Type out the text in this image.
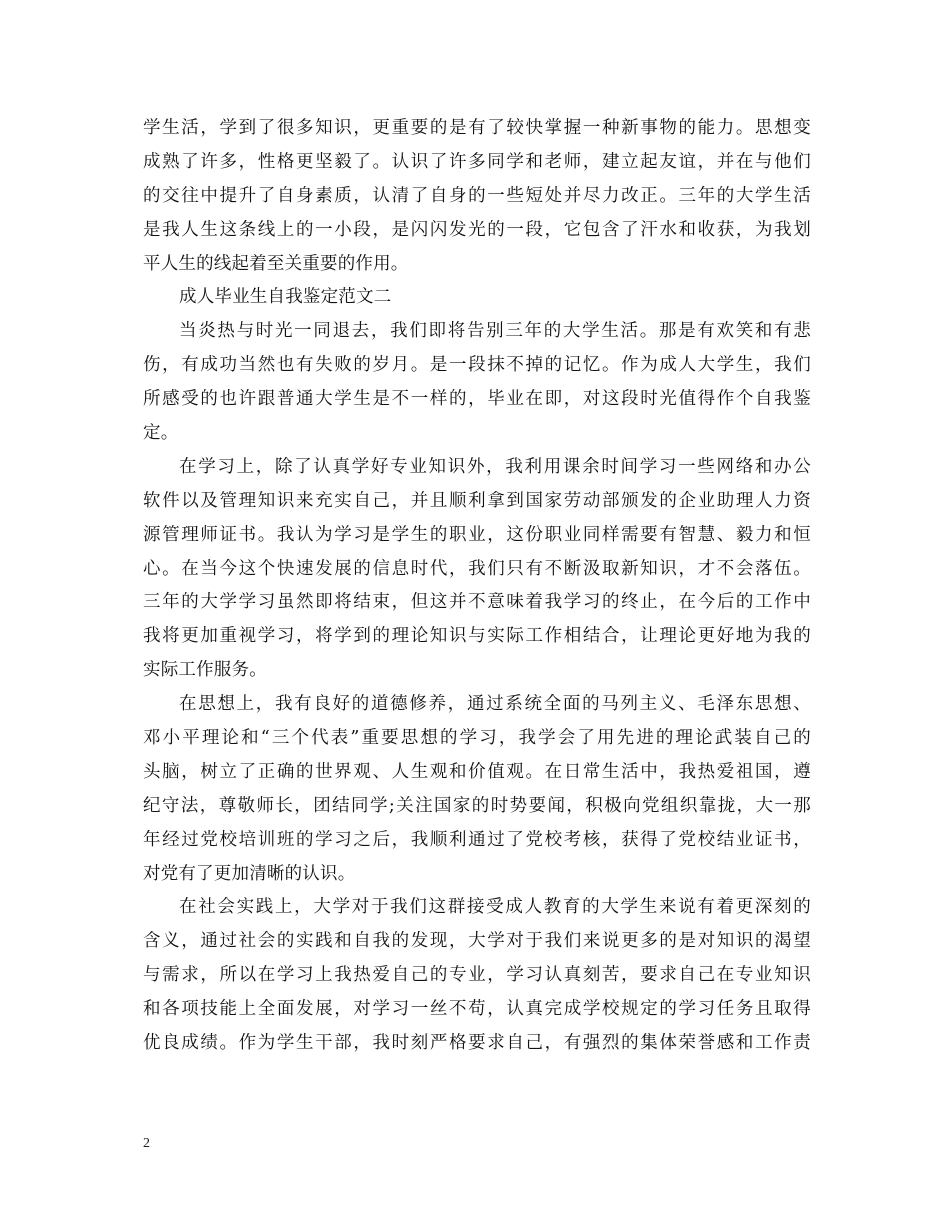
学生活，学到了很多知识，更重要的是有了较快掌握一种新事物的能力。思想变
成熟了许多，性格更坚毅了。认识了许多同学和老师，建立起友谊，并在与他们
的交往中提升了自身素质，认清了自身的一些短处并尽力改正。三年的大学生活
是我人生这条线上的一小段，是闪闪发光的一段，它包含了汗水和收获，为我划
平人生的线起着至关重要的作用。
成人毕业生自我鉴定范文二
当炎热与时光一同退去，我们即将告别三年的大学生活。那是有欢笑和有悲
伤，有成功当然也有失败的岁月。是一段抹不掉的记忆。作为成人大学生，我们
所感受的也许跟普通大学生是不一样的，毕业在即，对这段时光值得作个自我鉴
定。
在学习上，除了认真学好专业知识外，我利用课余时间学习一些网络和办公
软件以及管理知识来充实自己，并且顺利拿到国家劳动部颁发的企业助理人力资
源管理师证书。我认为学习是学生的职业，这份职业同样需要有智慧、毅力和恒
心。在当今这个快速发展的信息时代，我们只有不断汲取新知识，才不会落伍。
三年的大学学习虽然即将结束，但这并不意味着我学习的终止，在今后的工作中
我将更加重视学习，将学到的理论知识与实际工作相结合，让理论更好地为我的
实际工作服务。
在思想上，我有良好的道德修养，通过系统全面的马列主义、毛泽东思想、
邓小平理论和“三个代表”重要思想的学习，我学会了用先进的理论武装自己的
头脑，树立了正确的世界观、人生观和价值观。在日常生活中，我热爱祖国，遵
纪守法，尊敬师长，团结同学;关注国家的时势要闻，积极向党组织靠拢，大一那
年经过党校培训班的学习之后，我顺利通过了党校考核，获得了党校结业证书，
对党有了更加清晰的认识。
在社会实践上，大学对于我们这群接受成人教育的大学生来说有着更深刻的
含义，通过社会的实践和自我的发现，大学对于我们来说更多的是对知识的渴望
与需求，所以在学习上我热爱自己的专业，学习认真刻苦，要求自己在专业知识
和各项技能上全面发展，对学习一丝不苟，认真完成学校规定的学习任务且取得
优良成绩。作为学生干部，我时刻严格要求自己，有强烈的集体荣誉感和工作责
2
